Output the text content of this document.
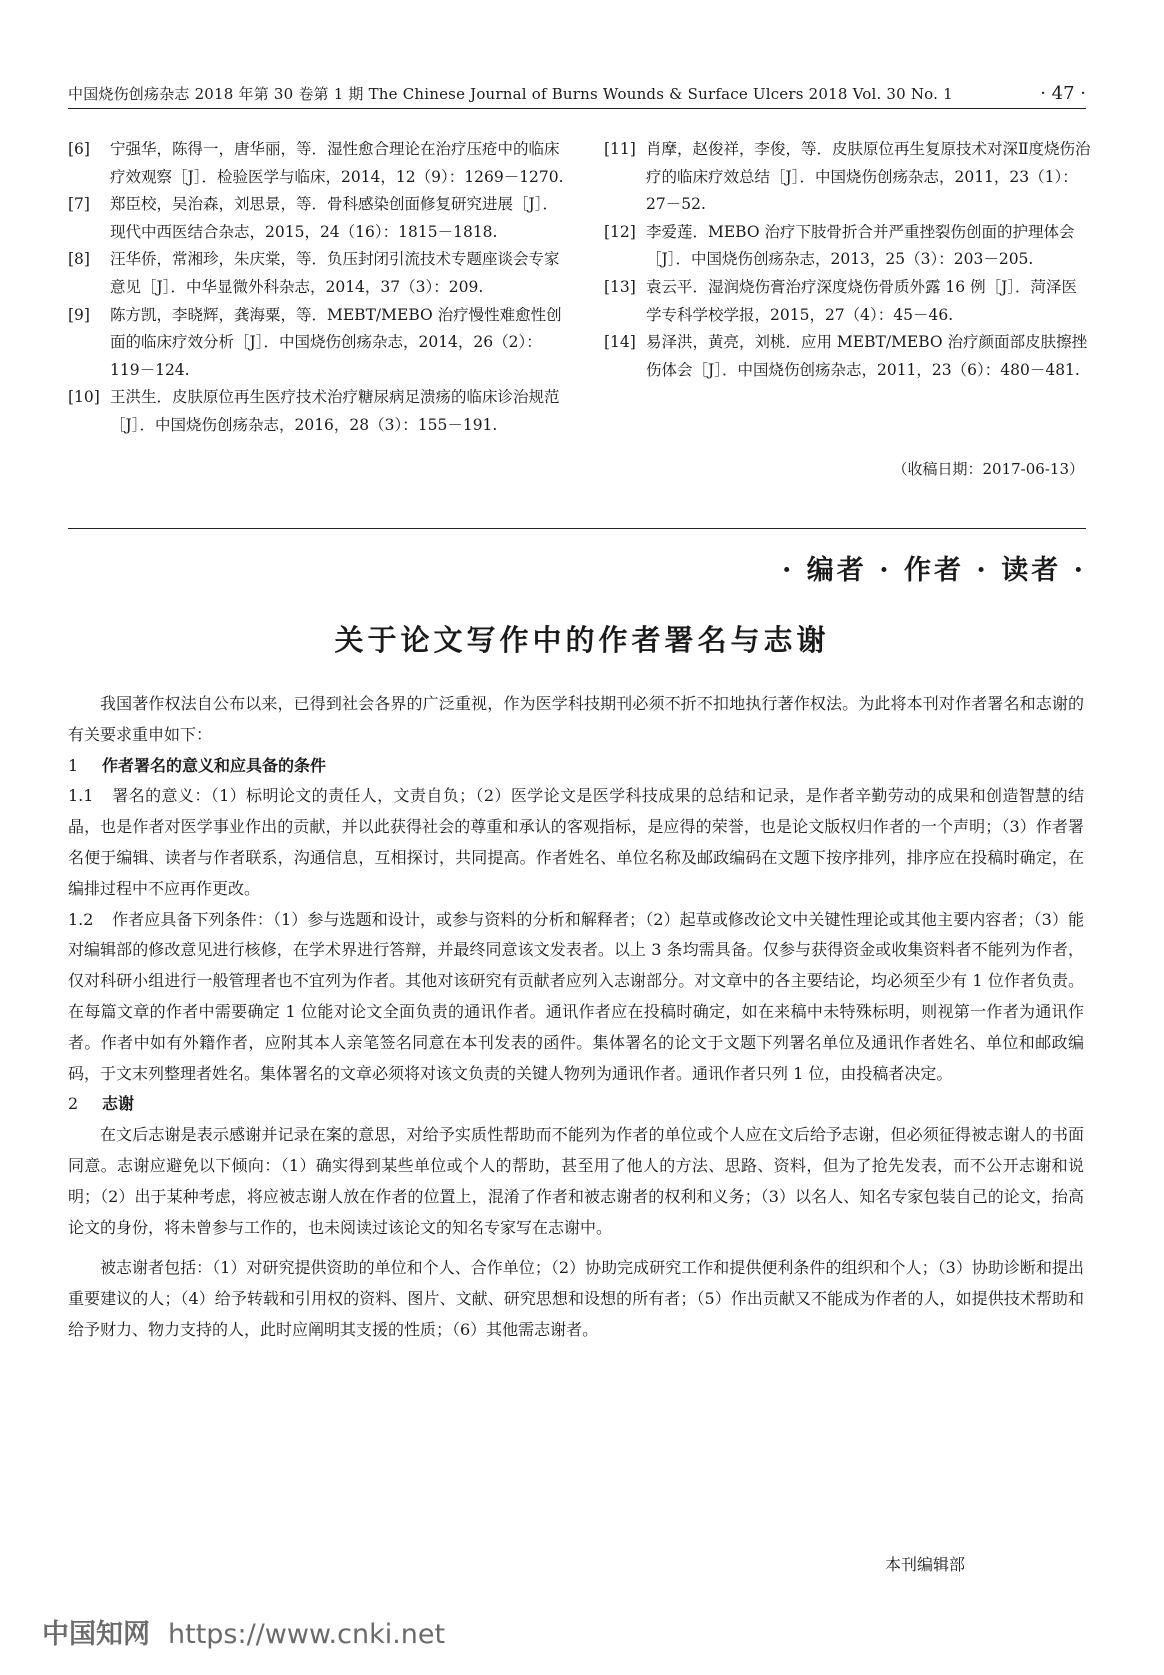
中国烧伤创疡杂志 2018 年第 30 卷第 1 期 The Chinese Journal of Burns Wounds & Surface Ulcers 2018 Vol. 30 No. 1	· 47 ·

[6] 宁强华，陈得一，唐华丽，等．湿性愈合理论在治疗压疮中的临床疗效观察［J］．检验医学与临床，2014，12（9）：1269－1270.

[7] 郑臣校，吴治森，刘思景，等．骨科感染创面修复研究进展［J］．现代中西医结合杂志，2015，24（16）：1815－1818.

[8] 汪华侨，常湘珍，朱庆棠，等．负压封闭引流技术专题座谈会专家意见［J］．中华显微外科杂志，2014，37（3）：209.

[9] 陈方凯，李晓辉，龚海粟，等．MEBT/MEBO 治疗慢性难愈性创面的临床疗效分析［J］．中国烧伤创疡杂志，2014，26（2）：119－124.

[10] 王洪生．皮肤原位再生医疗技术治疗糖尿病足溃疡的临床诊治规范［J］．中国烧伤创疡杂志，2016，28（3）：155－191.

[11] 肖摩，赵俊祥，李俊，等．皮肤原位再生复原技术对深Ⅱ度烧伤治疗的临床疗效总结［J］．中国烧伤创疡杂志，2011，23（1）：27－52.

[12] 李爱莲．MEBO 治疗下肢骨折合并严重挫裂伤创面的护理体会［J］．中国烧伤创疡杂志，2013，25（3）：203－205.

[13] 袁云平．湿润烧伤膏治疗深度烧伤骨质外露 16 例［J］．菏泽医学专科学校学报，2015，27（4）：45－46.

[14] 易泽洪，黄亮，刘桃．应用 MEBT/MEBO 治疗颜面部皮肤擦挫伤体会［J］．中国烧伤创疡杂志，2011，23（6）：480－481.

（收稿日期：2017-06-13）
· 编者 · 作者 · 读者 ·
关于论文写作中的作者署名与志谢

我国著作权法自公布以来，已得到社会各界的广泛重视，作为医学科技期刊必须不折不扣地执行著作权法。为此将本刊对作者署名和志谢的有关要求重申如下：

1 作者署名的意义和应具备的条件

1.1 署名的意义：（1）标明论文的责任人，文责自负；（2）医学论文是医学科技成果的总结和记录，是作者辛勤劳动的成果和创造智慧的结晶，也是作者对医学事业作出的贡献，并以此获得社会的尊重和承认的客观指标，是应得的荣誉，也是论文版权归作者的一个声明；（3）作者署名便于编辑、读者与作者联系，沟通信息，互相探讨，共同提高。作者姓名、单位名称及邮政编码在文题下按序排列，排序应在投稿时确定，在编排过程中不应再作更改。

1.2 作者应具备下列条件：（1）参与选题和设计，或参与资料的分析和解释者；（2）起草或修改论文中关键性理论或其他主要内容者；（3）能对编辑部的修改意见进行核修，在学术界进行答辩，并最终同意该文发表者。以上 3 条均需具备。仅参与获得资金或收集资料者不能列为作者，仅对科研小组进行一般管理者也不宜列为作者。其他对该研究有贡献者应列入志谢部分。对文章中的各主要结论，均必须至少有 1 位作者负责。在每篇文章的作者中需要确定 1 位能对论文全面负责的通讯作者。通讯作者应在投稿时确定，如在来稿中未特殊标明，则视第一作者为通讯作者。作者中如有外籍作者，应附其本人亲笔签名同意在本刊发表的函件。集体署名的论文于文题下列署名单位及通讯作者姓名、单位和邮政编码，于文末列整理者姓名。集体署名的文章必须将对该文负责的关键人物列为通讯作者。通讯作者只列 1 位，由投稿者决定。

2 志谢

在文后志谢是表示感谢并记录在案的意思，对给予实质性帮助而不能列为作者的单位或个人应在文后给予志谢，但必须征得被志谢人的书面同意。志谢应避免以下倾向：（1）确实得到某些单位或个人的帮助，甚至用了他人的方法、思路、资料，但为了抢先发表，而不公开志谢和说明；（2）出于某种考虑，将应被志谢人放在作者的位置上，混淆了作者和被志谢者的权利和义务；（3）以名人、知名专家包装自己的论文，抬高论文的身份，将未曾参与工作的，也未阅读过该论文的知名专家写在志谢中。

被志谢者包括：（1）对研究提供资助的单位和个人、合作单位；（2）协助完成研究工作和提供便利条件的组织和个人；（3）协助诊断和提出重要建议的人；（4）给予转载和引用权的资料、图片、文献、研究思想和设想的所有者；（5）作出贡献又不能成为作者的人，如提供技术帮助和给予财力、物力支持的人，此时应阐明其支援的性质；（6）其他需志谢者。

本刊编辑部
中国知网 https://www.cnki.net
